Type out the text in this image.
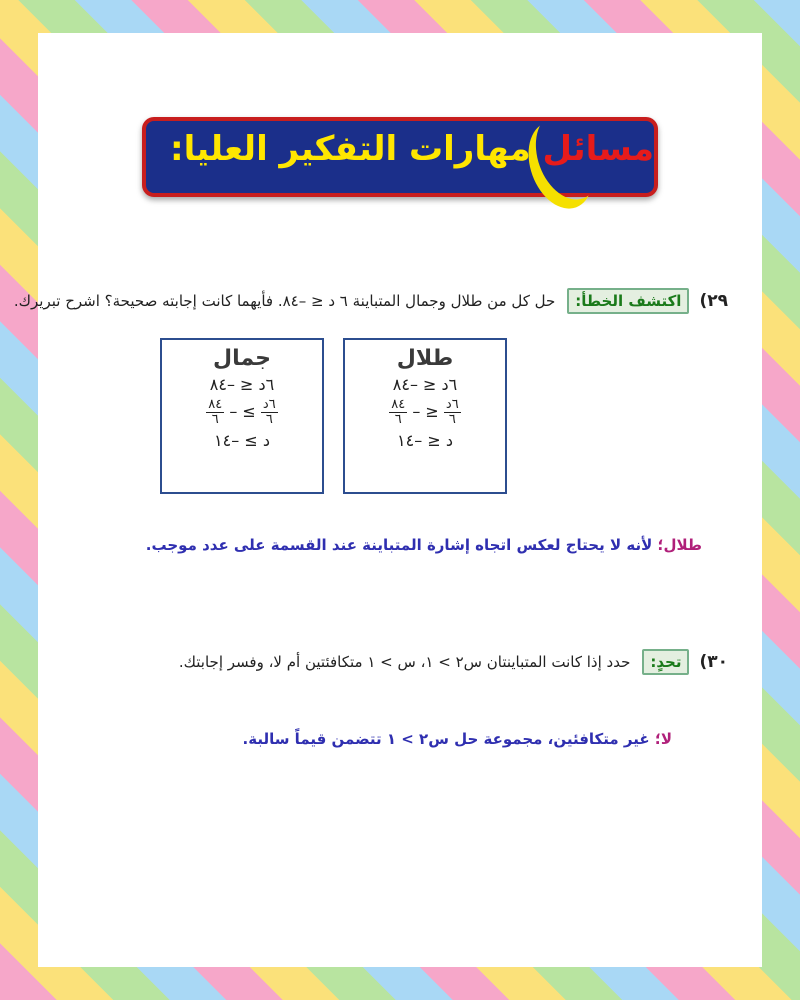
مسائل مهارات التفكير العليا:
٢٩)
اكتشف الخطأ:
حل كل من طلال وجمال المتباينة ٦ د ≤ –٨٤. فأيهما كانت إجابته صحيحة؟ اشرح تبريرك.
طلال
٦د ≤ –٨٤
$\frac{\text{٦د}}{٦}$
≤ –
$\frac{٨٤}{٦}$
د ≤ –١٤
جمال
٦د ≤ –٨٤
$\frac{\text{٦د}}{٦}$
≥ –
$\frac{٨٤}{٦}$
د ≥ –١٤
طلال؛ لأنه لا يحتاج لعكس اتجاه إشارة المتباينة عند القسمة على عدد موجب.
٣٠)
تحدٍ:
حدد إذا كانت المتباينتان س٢ > ١، س > ١ متكافئتين أم لا، وفسر إجابتك.
لا؛ غير متكافئين، مجموعة حل س٢ > ١ تتضمن قيماً سالبة.
